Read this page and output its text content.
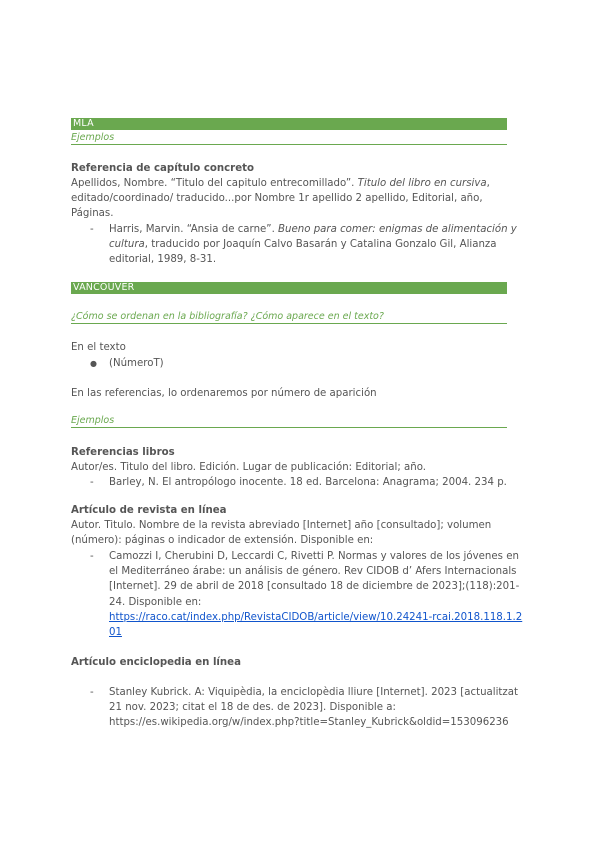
MLA
Ejemplos
Referencia de capítulo concreto
Apellidos, Nombre. “Titulo del capitulo entrecomillado”. Titulo del libro en cursiva, editado/coordinado/ traducido...por Nombre 1r apellido 2 apellido, Editorial, año, Páginas.
-	Harris, Marvin. “Ansia de carne”. Bueno para comer: enigmas de alimentación y cultura, traducido por Joaquín Calvo Basarán y Catalina Gonzalo Gil, Alianza editorial, 1989, 8-31.
VANCOUVER
¿Cómo se ordenan en la bibliografía? ¿Cómo aparece en el texto?
En el texto
●	(NúmeroT)
En las referencias, lo ordenaremos por número de aparición
Ejemplos
Referencias libros
Autor/es. Titulo del libro. Edición. Lugar de publicación: Editorial; año.
-	Barley, N. El antropólogo inocente. 18 ed. Barcelona: Anagrama; 2004. 234 p.
Artículo de revista en línea
Autor. Titulo. Nombre de la revista abreviado [Internet] año [consultado]; volumen (número): páginas o indicador de extensión. Disponible en:
-	Camozzi I, Cherubini D, Leccardi C, Rivetti P. Normas y valores de los jóvenes en el Mediterráneo árabe: un análisis de género. Rev CIDOB d’ Afers Internacionals [Internet]. 29 de abril de 2018 [consultado 18 de diciembre de 2023];(118):201-24. Disponible en:
https://raco.cat/index.php/RevistaCIDOB/article/view/10.24241-rcai.2018.118.1.201
Artículo enciclopedia en línea
-	Stanley Kubrick. A: Viquipèdia, la enciclopèdia lliure [Internet]. 2023 [actualitzat 21 nov. 2023; citat el 18 de des. de 2023]. Disponible a: https://es.wikipedia.org/w/index.php?title=Stanley_Kubrick&oldid=153096236
